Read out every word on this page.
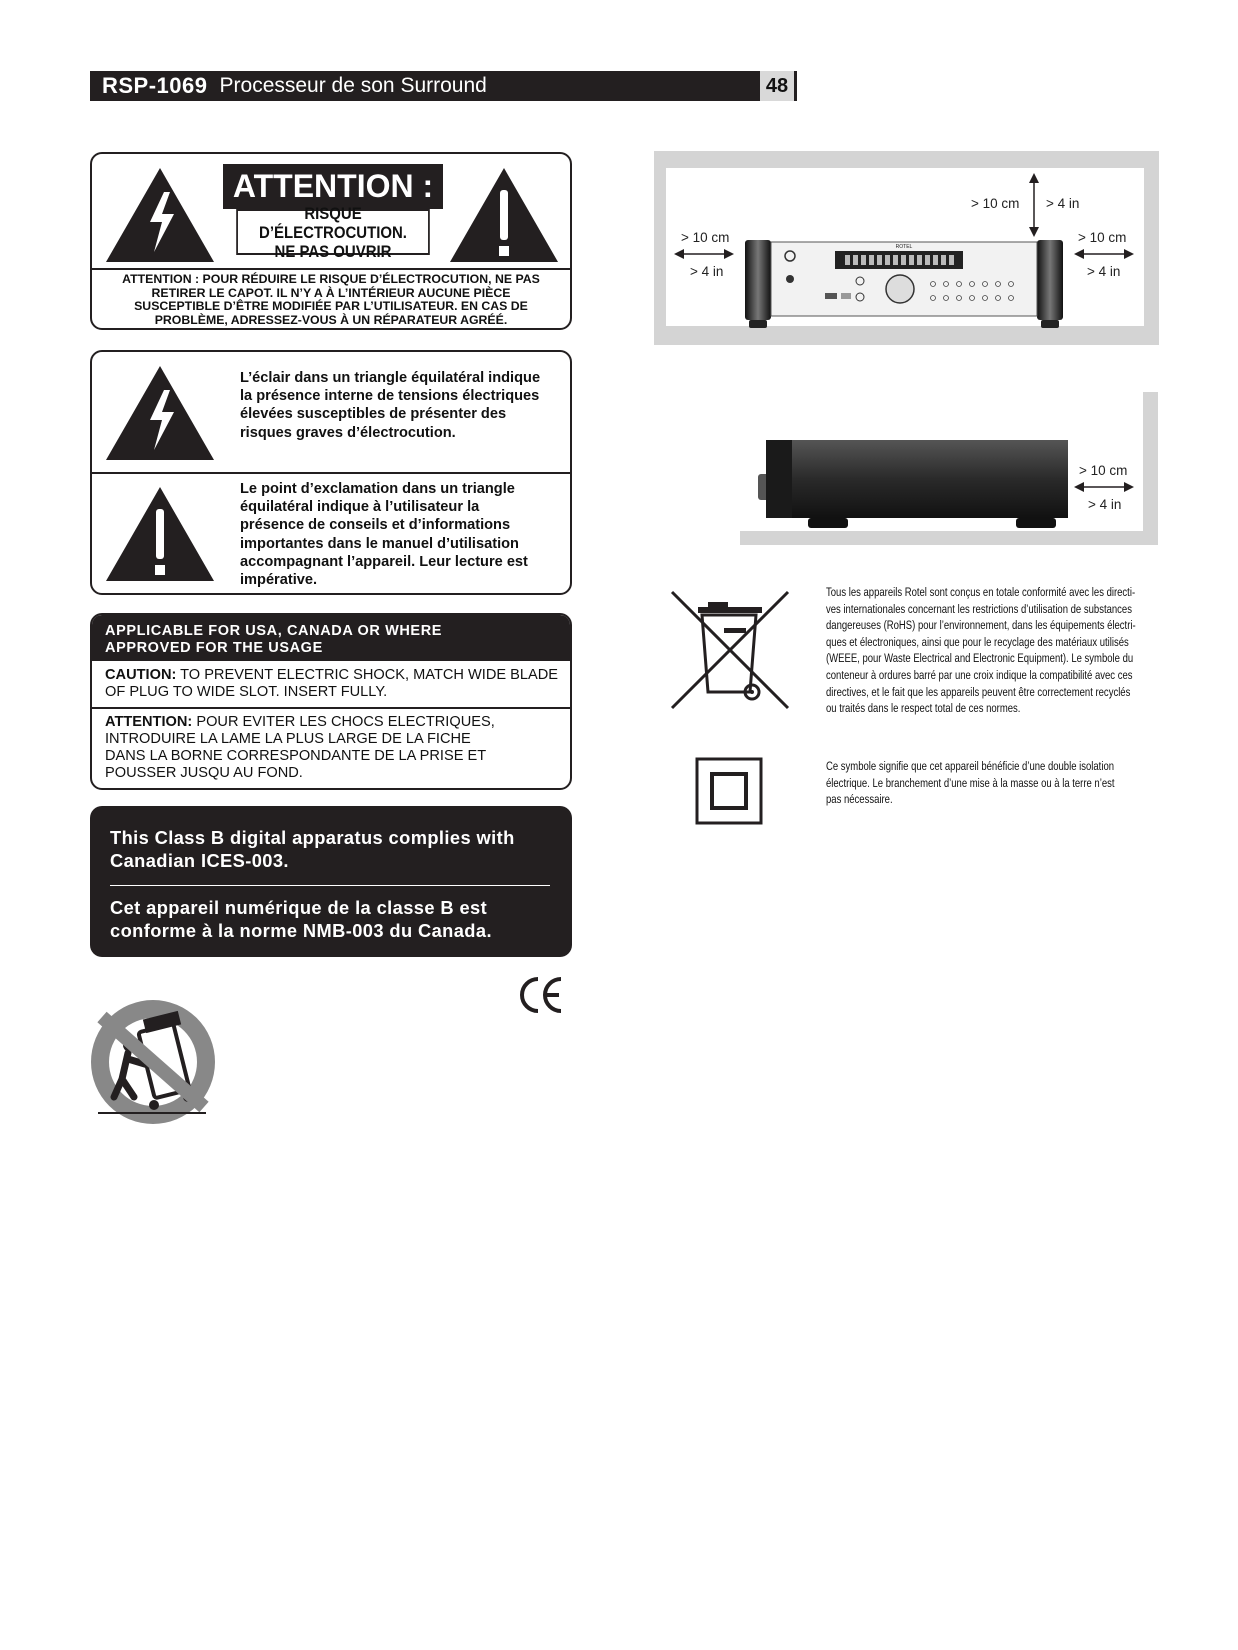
RSP-1069 Processeur de son Surround	48
ATTENTION :
RISQUE D’ÉLECTROCUTION.
NE PAS OUVRIR
ATTENTION : POUR RÉDUIRE LE RISQUE D’ÉLECTROCUTION, NE PAS
RETIRER LE CAPOT. IL N’Y A À L’INTÉRIEUR AUCUNE PIÈCE
SUSCEPTIBLE D’ÊTRE MODIFIÉE PAR L’UTILISATEUR. EN CAS DE
PROBLÈME, ADRESSEZ-VOUS À UN RÉPARATEUR AGRÉÉ.
L’éclair dans un triangle équilatéral indique
la présence interne de tensions électriques
élevées susceptibles de présenter des
risques graves d’électrocution.
Le point d’exclamation dans un triangle
équilatéral indique à l’utilisateur la
présence de conseils et d’informations
importantes dans le manuel d’utilisation
accompagnant l’appareil. Leur lecture est
impérative.
APPLICABLE FOR USA, CANADA OR WHERE
APPROVED FOR THE USAGE
CAUTION: TO PREVENT ELECTRIC SHOCK, MATCH WIDE BLADE
OF PLUG TO WIDE SLOT. INSERT FULLY.
ATTENTION: POUR EVITER LES CHOCS ELECTRIQUES,
INTRODUIRE LA LAME LA PLUS LARGE DE LA FICHE
DANS LA BORNE CORRESPONDANTE DE LA PRISE ET
POUSSER JUSQU AU FOND.
This Class B digital apparatus complies with
Canadian ICES-003.
Cet appareil numérique de la classe B est
conforme à la norme NMB-003 du Canada.
> 10 cm > 4 in
> 10 cm
> 4 in
> 10 cm
> 4 in
ROTEL
> 10 cm
> 4 in
Tous les appareils Rotel sont conçus en totale conformité avec les directi-
ves internationales concernant les restrictions d’utilisation de substances
dangereuses (RoHS) pour l’environnement, dans les équipements électri-
ques et électroniques, ainsi que pour le recyclage des matériaux utilisés
(WEEE, pour Waste Electrical and Electronic Equipment). Le symbole du
conteneur à ordures barré par une croix indique la compatibilité avec ces
directives, et le fait que les appareils peuvent être correctement recyclés
ou traités dans le respect total de ces normes.
Ce symbole signifie que cet appareil bénéficie d’une double isolation
électrique. Le branchement d’une mise à la masse ou à la terre n’est
pas nécessaire.
